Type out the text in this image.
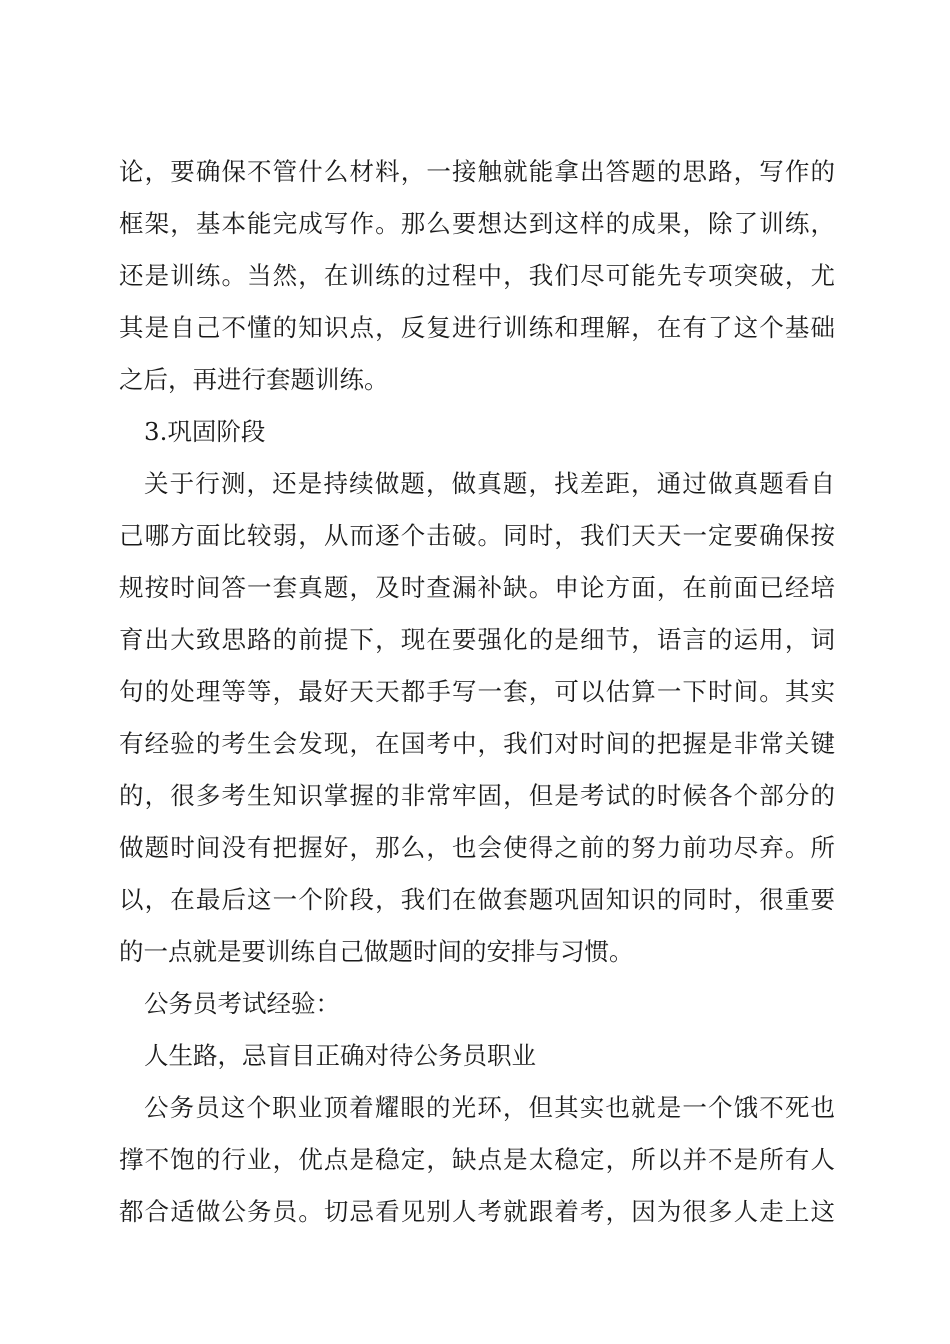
论，要确保不管什么材料，一接触就能拿出答题的思路，写作的
框架，基本能完成写作。那么要想达到这样的成果，除了训练，
还是训练。当然，在训练的过程中，我们尽可能先专项突破，尤
其是自己不懂的知识点，反复进行训练和理解，在有了这个基础
之后，再进行套题训练。
3.巩固阶段
关于行测，还是持续做题，做真题，找差距，通过做真题看自
己哪方面比较弱，从而逐个击破。同时，我们天天一定要确保按
规按时间答一套真题，及时查漏补缺。申论方面，在前面已经培
育出大致思路的前提下，现在要强化的是细节，语言的运用，词
句的处理等等，最好天天都手写一套，可以估算一下时间。其实
有经验的考生会发现，在国考中，我们对时间的把握是非常关键
的，很多考生知识掌握的非常牢固，但是考试的时候各个部分的
做题时间没有把握好，那么，也会使得之前的努力前功尽弃。所
以，在最后这一个阶段，我们在做套题巩固知识的同时，很重要
的一点就是要训练自己做题时间的安排与习惯。
公务员考试经验：
人生路，忌盲目正确对待公务员职业
公务员这个职业顶着耀眼的光环，但其实也就是一个饿不死也
撑不饱的行业，优点是稳定，缺点是太稳定，所以并不是所有人
都合适做公务员。切忌看见别人考就跟着考，因为很多人走上这
